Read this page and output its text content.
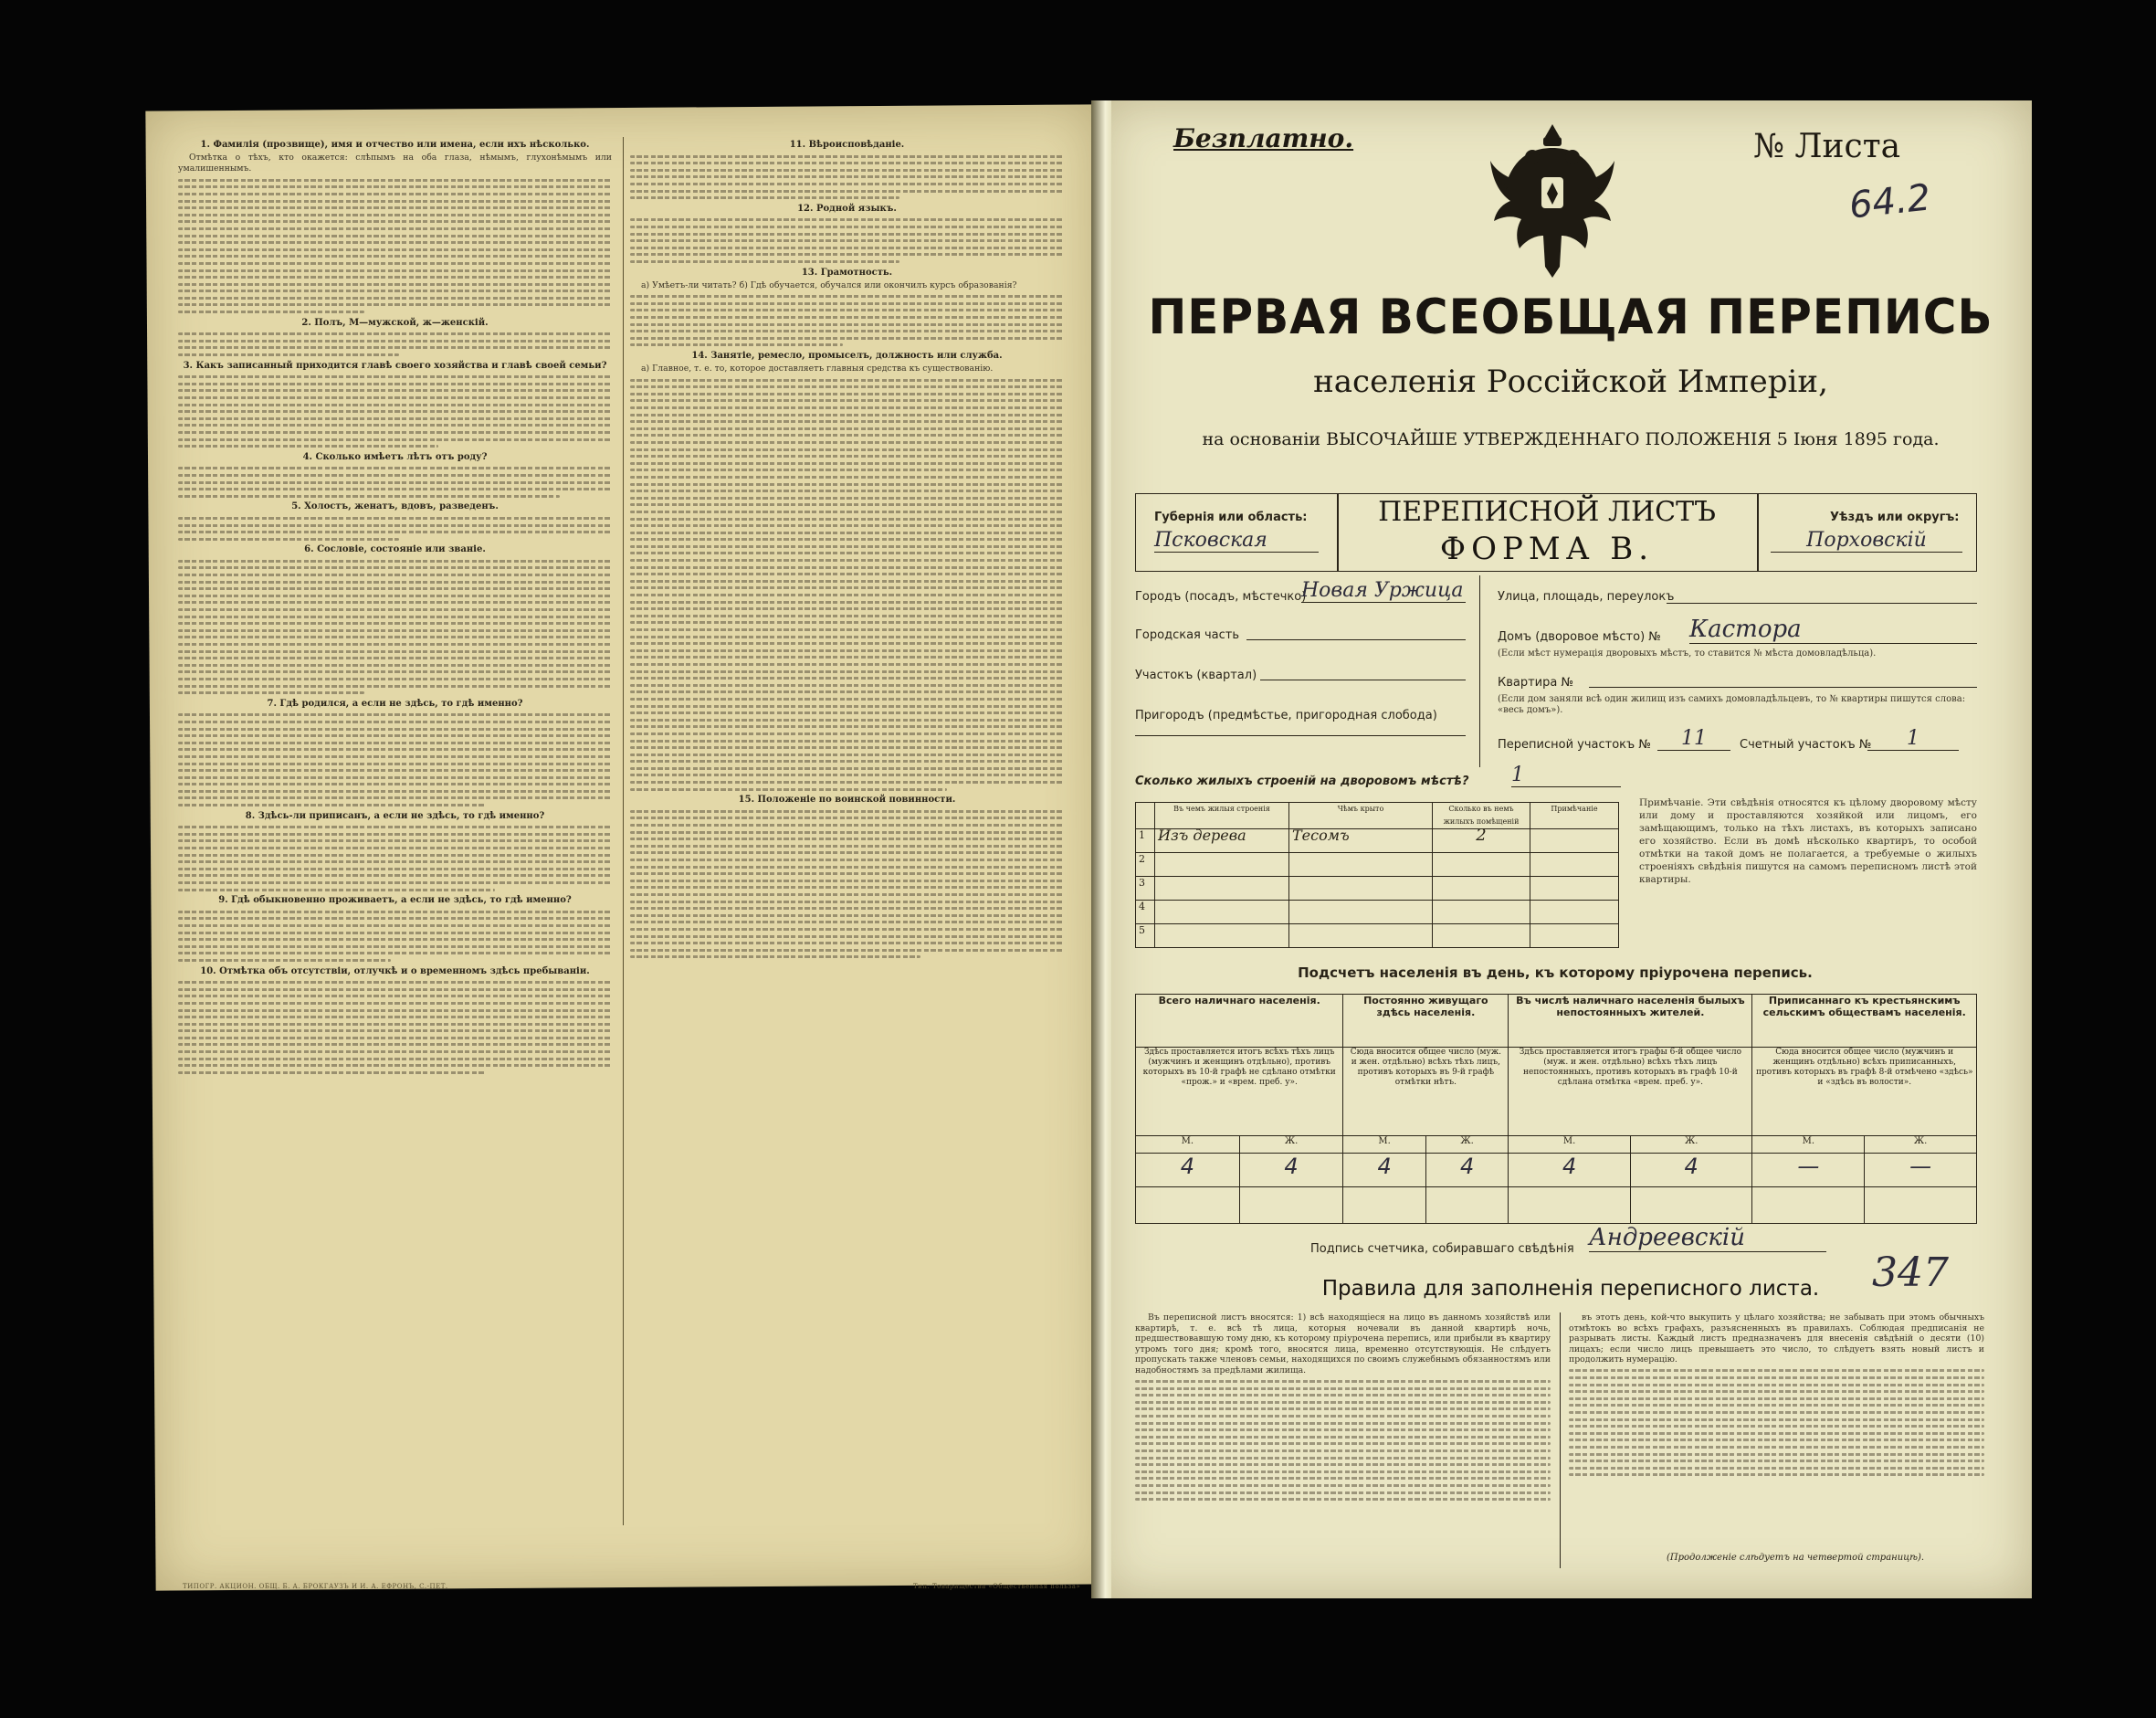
1. Фамилія (прозвище), имя и отчество или имена, если ихъ нѣсколько.

Отмѣтка о тѣхъ, кто окажется: слѣпымъ на оба глаза, нѣмымъ, глухонѣмымъ или умалишеннымъ.

2. Полъ, М—мужской, ж—женскій.
3. Какъ записанный приходится главѣ своего хозяйства и главѣ своей семьи?
4. Сколько имѣетъ лѣтъ отъ роду?
5. Холостъ, женатъ, вдовъ, разведенъ.
6. Сословіе, состояніе или званіе.
7. Гдѣ родился, а если не здѣсь, то гдѣ именно?
8. Здѣсь-ли приписанъ, а если не здѣсь, то гдѣ именно?
9. Гдѣ обыкновенно проживаетъ, а если не здѣсь, то гдѣ именно?
10. Отмѣтка объ отсутствіи, отлучкѣ и о временномъ здѣсь пребываніи.
11. Вѣроисповѣданіе.
12. Родной языкъ.
13. Грамотность.

а) Умѣетъ-ли читать? б) Гдѣ обучается, обучался или окончилъ курсъ образованія?

14. Занятіе, ремесло, промыселъ, должность или служба.

а) Главное, т. е. то, которое доставляетъ главныя средства къ существованію.

15. Положеніе по воинской повинности.
ТИПОГР. АКЦИОН. ОБЩ. Б. А. БРОКГАУЗЪ И И. А. ЕФРОНЪ, С.-ПЕТ.	Тип. Товарищества «Общественная польза»
Безплатно.	№ Листа
64.2
ПЕРВАЯ ВСЕОБЩАЯ ПЕРЕПИСЬ
населенія Россійской Имперіи,
на основаніи ВЫСОЧАЙШЕ УТВЕРЖДЕННАГО ПОЛОЖЕНІЯ 5 Іюня 1895 года.
Губернія или область:
Псковская
ПЕРЕПИСНОЙ ЛИСТЪ
ФОРМА В.
Уѣздъ или округъ:
Порховскій
Городъ (посадъ, мѣстечко)
Новая Уржица
Городская часть
Участокъ (квартал)
Пригородъ (предмѣстье, пригородная слобода)
Улица, площадь, переулокъ
Домъ (дворовое мѣсто) № Кастора
(Если мѣст нумерація дворовыхъ мѣстъ, то ставится № мѣста домовладѣльца).
Квартира №
(Если дом заняли всѣ один жилищ изъ самихъ домовладѣльцевъ, то № квартиры пишутся слова: «весь домъ»).
Переписной участокъ №	11	Счетный участокъ №	1
Сколько жилыхъ строеній на дворовомъ мѣстѣ? 1
	Въ чемъ жилыя строенія	Чѣмъ крыто	Сколько въ немъ жилыхъ помѣщеній	Примѣчаніе
1	Изъ дерева	Тесомъ	2	
2				
3				
4				
5				
Примѣчаніе. Эти свѣдѣнія относятся къ цѣлому дворовому мѣсту или дому и проставляются хозяйкой или лицомъ, его замѣщающимъ, только на тѣхъ листахъ, въ которыхъ записано его хозяйство. Если въ домѣ нѣсколько квартиръ, то особой отмѣтки на такой домъ не полагается, а требуемые о жилыхъ строеніяхъ свѣдѣнія пишутся на самомъ переписномъ листѣ этой квартиры.
Подсчетъ населенія въ день, къ которому пріурочена перепись.
Всего наличнаго населенія.		Постоянно живущаго здѣсь населенія.		Въ числѣ наличнаго населенія былыхъ непостоянныхъ жителей.		Приписаннаго къ крестьянскимъ сельскимъ обществамъ населенія.	
Здѣсь проставляется итогъ всѣхъ тѣхъ лицъ (мужчинъ и женщинъ отдѣльно), противъ которыхъ въ 10-й графѣ не сдѣлано отмѣтки «прож.» и «врем. преб. у».		Сюда вносится общее число (муж. и жен. отдѣльно) всѣхъ тѣхъ лицъ, противъ которыхъ въ 9-й графѣ отмѣтки нѣтъ.		Здѣсь проставляется итогъ графы 6-й общее число (муж. и жен. отдѣльно) всѣхъ тѣхъ лицъ непостоянныхъ, противъ которыхъ въ графѣ 10-й сдѣлана отмѣтка «врем. преб. у».		Сюда вносится общее число (мужчинъ и женщинъ отдѣльно) всѣхъ приписанныхъ, противъ которыхъ въ графѣ 8-й отмѣчено «здѣсь» и «здѣсь въ волости».	
М.	Ж.	М.	Ж.	М.	Ж.	М.	Ж.
4	4	4	4	4	4	—	—

Подпись счетчика, собиравшаго свѣдѣнія Андреевскій
347
Правила для заполненія переписного листа.

Въ переписной листъ вносятся: 1) всѣ находящіеся на лицо въ данномъ хозяйствѣ или квартирѣ, т. е. всѣ тѣ лица, которыя ночевали въ данной квартирѣ ночь, предшествовавшую тому дню, къ которому пріурочена перепись, или прибыли въ квартиру утромъ того дня; кромѣ того, вносятся лица, временно отсутствующія. Не слѣдуетъ пропускать также членовъ семьи, находящихся по своимъ служебнымъ обязанностямъ или надобностямъ за предѣлами жилища.

въ этотъ день, кой-что выкупить у цѣлаго хозяйства; не забывать при этомъ обычныхъ отмѣтокъ во всѣхъ графахъ, разъясненныхъ въ правилахъ. Соблюдая предписанія не разрывать листы. Каждый листъ предназначенъ для внесенія свѣдѣній о десяти (10) лицахъ; если число лицъ превышаетъ это число, то слѣдуетъ взять новый листъ и продолжить нумерацію.

(Продолженіе слѣдуетъ на четвертой страницѣ).
